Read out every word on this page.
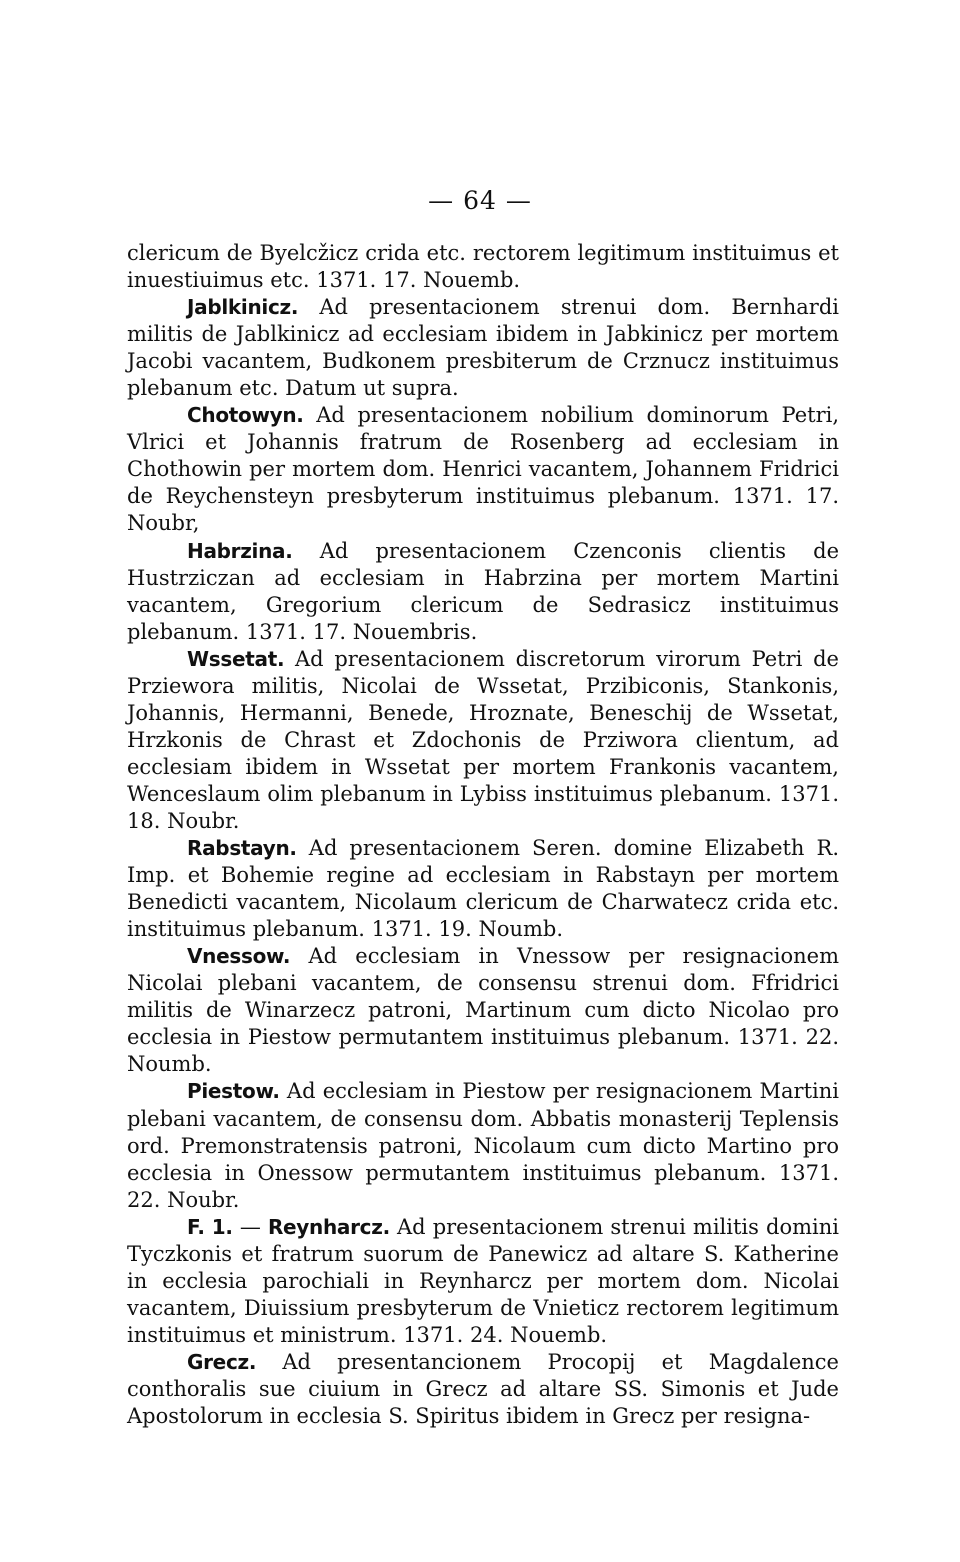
— 64 —

clericum de Byelcžicz crida etc. rectorem legitimum instituimus et inuestiuimus etc. 1371. 17. Nouemb.

Jablkinicz. Ad presentacionem strenui dom. Bernhardi militis de Jablkinicz ad ecclesiam ibidem in Jabkinicz per mortem Jacobi vacantem, Budkonem presbiterum de Crznucz instituimus plebanum etc. Datum ut supra.

Chotowyn. Ad presentacionem nobilium dominorum Petri, Vlrici et Johannis fratrum de Rosenberg ad ecclesiam in Chothowin per mortem dom. Henrici vacantem, Johannem Fridrici de Reychensteyn presbyterum instituimus plebanum. 1371. 17. Noubr,

Habrzina. Ad presentacionem Czenconis clientis de Hustrziczan ad ecclesiam in Habrzina per mortem Martini vacantem, Gregorium clericum de Sedrasicz instituimus plebanum. 1371. 17. Nouembris.

Wssetat. Ad presentacionem discretorum virorum Petri de Prziewora militis, Nicolai de Wssetat, Przibiconis, Stankonis, Johannis, Hermanni, Benede, Hroznate, Beneschij de Wssetat, Hrzkonis de Chrast et Zdochonis de Prziwora clientum, ad ecclesiam ibidem in Wssetat per mortem Frankonis vacantem, Wenceslaum olim plebanum in Lybiss instituimus plebanum. 1371. 18. Noubr.

Rabstayn. Ad presentacionem Seren. domine Elizabeth R. Imp. et Bohemie regine ad ecclesiam in Rabstayn per mortem Benedicti vacantem, Nicolaum clericum de Charwatecz crida etc. instituimus plebanum. 1371. 19. Noumb.

Vnessow. Ad ecclesiam in Vnessow per resignacionem Nicolai plebani vacantem, de consensu strenui dom. Ffridrici militis de Winarzecz patroni, Martinum cum dicto Nicolao pro ecclesia in Piestow permutantem instituimus plebanum. 1371. 22. Noumb.

Piestow. Ad ecclesiam in Piestow per resignacionem Martini plebani vacantem, de consensu dom. Abbatis monasterij Teplensis ord. Premonstratensis patroni, Nicolaum cum dicto Martino pro ecclesia in Onessow permutantem instituimus plebanum. 1371. 22. Noubr.

F. 1. — Reynharcz. Ad presentacionem strenui militis domini Tyczkonis et fratrum suorum de Panewicz ad altare S. Katherine in ecclesia parochiali in Reynharcz per mortem dom. Nicolai vacantem, Diuissium presbyterum de Vnieticz rectorem legitimum instituimus et ministrum. 1371. 24. Nouemb.

Grecz. Ad presentancionem Procopij et Magdalence conthoralis sue ciuium in Grecz ad altare SS. Simonis et Jude Apostolorum in ecclesia S. Spiritus ibidem in Grecz per resigna-
